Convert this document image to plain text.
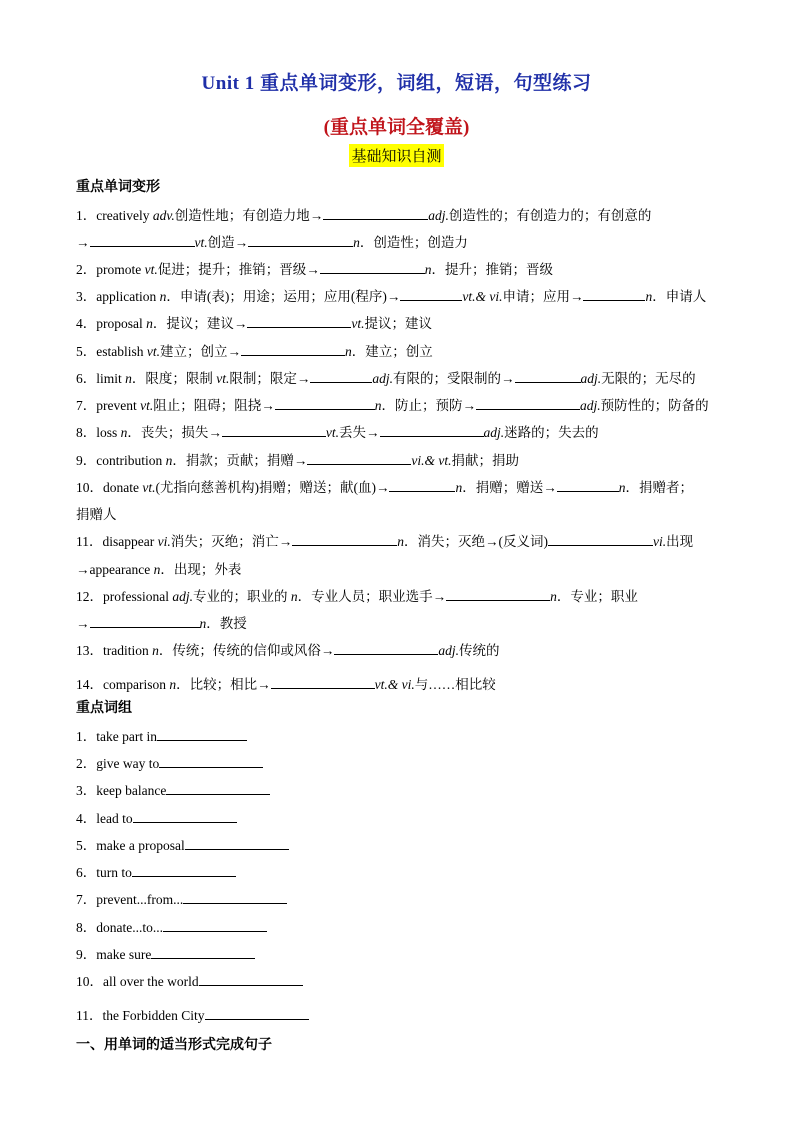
Unit 1 重点单词变形，词组，短语，句型练习
(重点单词全覆盖)
基础知识自测
重点单词变形
1．creatively adv.创造性地；有创造力地→	adj.创造性的；有创造力的；有创意的
→	vt.创造→	n．创造性；创造力
2．promote vt.促进；提升；推销；晋级→	n．提升；推销；晋级
3．application n．申请(表)；用途；运用；应用(程序)→	vt.& vi.申请；应用→	n．申请人
4．proposal n．提议；建议→	vt.提议；建议
5．establish vt.建立；创立→	n．建立；创立
6．limit n．限度；限制 vt.限制；限定→	adj.有限的；受限制的→	adj.无限的；无尽的
7．prevent vt.阻止；阻碍；阻挠→	n．防止；预防→	adj.预防性的；防备的
8．loss n．丧失；损失→	vt.丢失→	adj.迷路的；失去的
9．contribution n．捐款；贡献；捐赠→	vi.& vt.捐献；捐助
10．donate vt.(尤指向慈善机构)捐赠；赠送；献(血)→	n．捐赠；赠送→	n．捐赠者；
捐赠人
11．disappear vi.消失；灭绝；消亡→	n．消失；灭绝→(反义词)	vi.出现
→appearance n．出现；外表
12．professional adj.专业的；职业的 n．专业人员；职业选手→	n．专业；职业
→	n．教授
13．tradition n．传统；传统的信仰或风俗→	adj.传统的
14．comparison n．比较；相比→	vt.& vi.与……相比较
重点词组
1．take part in
2．give way to
3．keep balance
4．lead to
5．make a proposal
6．turn to
7．prevent...from...
8．donate...to...
9．make sure
10．all over the world
11．the Forbidden City
一、用单词的适当形式完成句子
